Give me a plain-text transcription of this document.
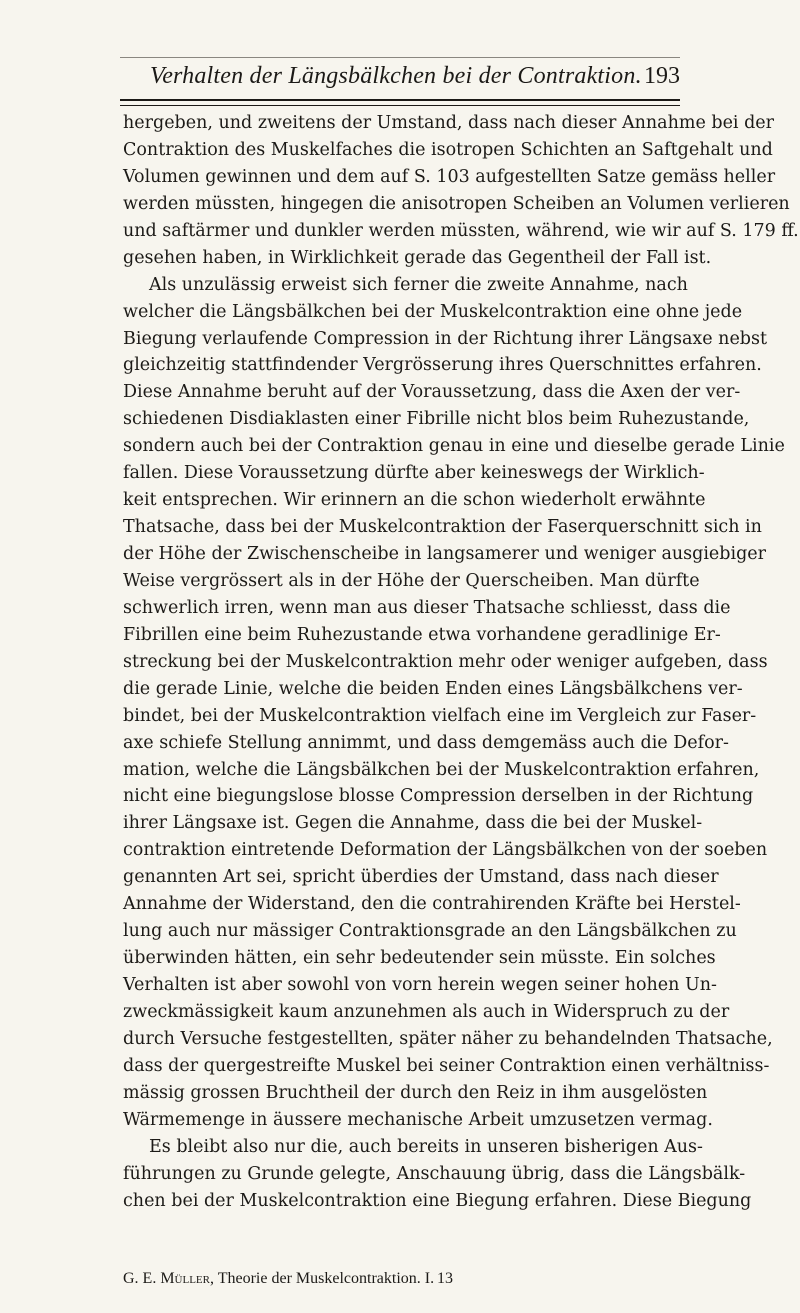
Verhalten der Längsbälkchen bei der Contraktion. 193
hergeben, und zweitens der Umstand, dass nach dieser Annahme bei der
Contraktion des Muskelfaches die isotropen Schichten an Saftgehalt und
Volumen gewinnen und dem auf S. 103 aufgestellten Satze gemäss heller
werden müssten, hingegen die anisotropen Scheiben an Volumen verlieren
und saftärmer und dunkler werden müssten, während, wie wir auf S. 179 ff.
gesehen haben, in Wirklichkeit gerade das Gegentheil der Fall ist.
Als unzulässig erweist sich ferner die zweite Annahme, nach
welcher die Längsbälkchen bei der Muskelcontraktion eine ohne jede
Biegung verlaufende Compression in der Richtung ihrer Längsaxe nebst
gleichzeitig stattfindender Vergrösserung ihres Querschnittes erfahren.
Diese Annahme beruht auf der Voraussetzung, dass die Axen der ver-
schiedenen Disdiaklasten einer Fibrille nicht blos beim Ruhezustande,
sondern auch bei der Contraktion genau in eine und dieselbe gerade Linie
fallen. Diese Voraussetzung dürfte aber keineswegs der Wirklich-
keit entsprechen. Wir erinnern an die schon wiederholt erwähnte
Thatsache, dass bei der Muskelcontraktion der Faserquerschnitt sich in
der Höhe der Zwischenscheibe in langsamerer und weniger ausgiebiger
Weise vergrössert als in der Höhe der Querscheiben. Man dürfte
schwerlich irren, wenn man aus dieser Thatsache schliesst, dass die
Fibrillen eine beim Ruhezustande etwa vorhandene geradlinige Er-
streckung bei der Muskelcontraktion mehr oder weniger aufgeben, dass
die gerade Linie, welche die beiden Enden eines Längsbälkchens ver-
bindet, bei der Muskelcontraktion vielfach eine im Vergleich zur Faser-
axe schiefe Stellung annimmt, und dass demgemäss auch die Defor-
mation, welche die Längsbälkchen bei der Muskelcontraktion erfahren,
nicht eine biegungslose blosse Compression derselben in der Richtung
ihrer Längsaxe ist. Gegen die Annahme, dass die bei der Muskel-
contraktion eintretende Deformation der Längsbälkchen von der soeben
genannten Art sei, spricht überdies der Umstand, dass nach dieser
Annahme der Widerstand, den die contrahirenden Kräfte bei Herstel-
lung auch nur mässiger Contraktionsgrade an den Längsbälkchen zu
überwinden hätten, ein sehr bedeutender sein müsste. Ein solches
Verhalten ist aber sowohl von vorn herein wegen seiner hohen Un-
zweckmässigkeit kaum anzunehmen als auch in Widerspruch zu der
durch Versuche festgestellten, später näher zu behandelnden Thatsache,
dass der quergestreifte Muskel bei seiner Contraktion einen verhältniss-
mässig grossen Bruchtheil der durch den Reiz in ihm ausgelösten
Wärmemenge in äussere mechanische Arbeit umzusetzen vermag.
Es bleibt also nur die, auch bereits in unseren bisherigen Aus-
führungen zu Grunde gelegte, Anschauung übrig, dass die Längsbälk-
chen bei der Muskelcontraktion eine Biegung erfahren. Diese Biegung
G. E. Müller, Theorie der Muskelcontraktion. I. 13
